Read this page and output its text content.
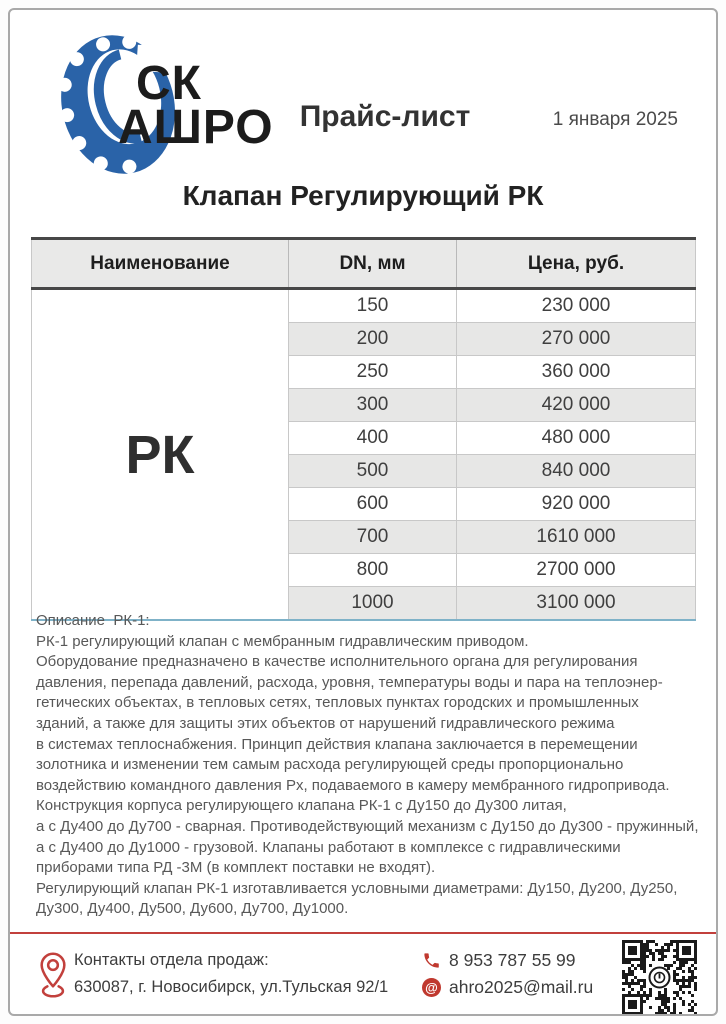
СК
АШРО Прайс-лист	1 января 2025
Клапан Регулирующий РК
Наименование	DN, мм	Цена, руб.
РК	150	230 000
	200	270 000
	250	360 000
	300	420 000
	400	480 000
	500	840 000
	600	920 000
	700	1610 000
	800	2700 000
	1000	3100 000
Описание  РК-1:
РК-1 регулирующий клапан с мембранным гидравлическим приводом.
Оборудование предназначено в качестве исполнительного органа для регулирования
давления, перепада давлений, расхода, уровня, температуры воды и пара на теплоэнер-
гетических объектах, в тепловых сетях, тепловых пунктах городских и промышленных
зданий, а также для защиты этих объектов от нарушений гидравлического режима
в системах теплоснабжения. Принцип действия клапана заключается в перемещении
золотника и изменении тем самым расхода регулирующей среды пропорционально
воздействию командного давления Рх, подаваемого в камеру мембранного гидропривода.
Конструкция корпуса регулирующего клапана РК-1 с Ду150 до Ду300 литая,
а с Ду400 до Ду700 - сварная. Противодействующий механизм с Ду150 до Ду300 - пружинный,
а с Ду400 до Ду1000 - грузовой. Клапаны работают в комплексе с гидравлическими
приборами типа РД -3М (в комплект поставки не входят).
Регулирующий клапан РК-1 изготавливается условными диаметрами: Ду150, Ду200, Ду250,
Ду300, Ду400, Ду500, Ду600, Ду700, Ду1000.
Контакты отдела продаж:
630087, г. Новосибирск, ул.Тульская 92/1
8 953 787 55 99
@ ahro2025@mail.ru
